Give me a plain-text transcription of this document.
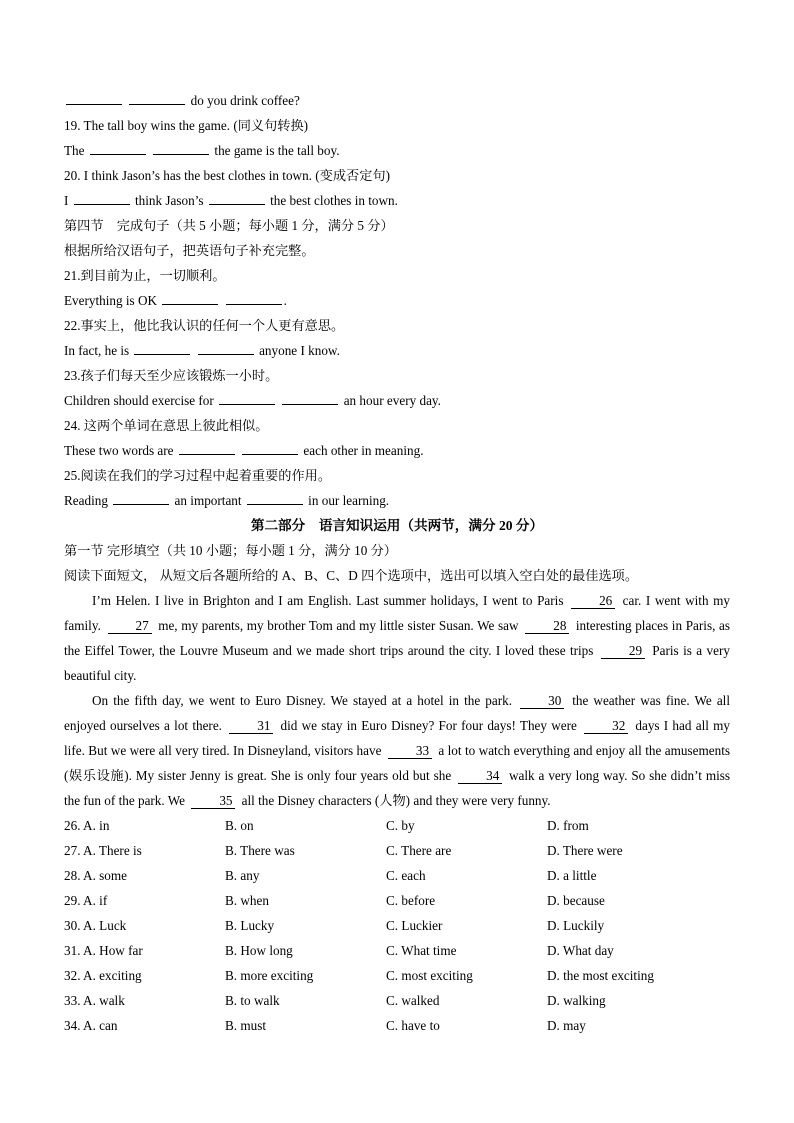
do you drink coffee?
19. The tall boy wins the game. (同义句转换)
The	the game is the tall boy.
20. I think Jason’s has the best clothes in town. (变成否定句)
I	think Jason’s	the best clothes in town.
第四节　完成句子（共 5 小题；每小题 1 分，满分 5 分）
根据所给汉语句子，把英语句子补充完整。
21.到目前为止，一切顺利。
Everything is OK	.
22.事实上，他比我认识的任何一个人更有意思。
In fact, he is	anyone I know.
23.孩子们每天至少应该锻炼一小时。
Children should exercise for	an hour every day.
24. 这两个单词在意思上彼此相似。
These two words are	each other in meaning.
25.阅读在我们的学习过程中起着重要的作用。
Reading	an important	in our learning.
第二部分　语言知识运用（共两节，满分 20 分）
第一节 完形填空（共 10 小题；每小题 1 分，满分 10 分）
阅读下面短文， 从短文后各题所给的 A、B、C、D 四个选项中，选出可以填入空白处的最佳选项。
I’m Helen. I live in Brighton and I am English. Last summer holidays, I went to Paris	26 car. I went with my family.	27 me, my parents, my brother Tom and my little sister Susan. We saw	28 interesting places in Paris, as the Eiffel Tower, the Louvre Museum and we made short trips around the city. I loved these trips	29 Paris is a very beautiful city.
On the fifth day, we went to Euro Disney. We stayed at a hotel in the park.	30 the weather was fine. We all enjoyed ourselves a lot there.	31 did we stay in Euro Disney? For four days! They were	32 days I had all my life. But we were all very tired. In Disneyland, visitors have	33 a lot to watch everything and enjoy all the amusements (娱乐设施). My sister Jenny is great. She is only four years old but she	34 walk a very long way. So she didn’t miss the fun of the park. We	35 all the Disney characters (人物) and they were very funny.
26. A. in	B. on	C. by	D. from
27. A. There is	B. There was	C. There are	D. There were
28. A. some	B. any	C. each	D. a little
29. A. if	B. when	C. before	D. because
30. A. Luck	B. Lucky	C. Luckier	D. Luckily
31. A. How far	B. How long	C. What time	D. What day
32. A. exciting	B. more exciting	C. most exciting	D. the most exciting
33. A. walk	B. to walk	C. walked	D. walking
34. A. can	B. must	C. have to	D. may
